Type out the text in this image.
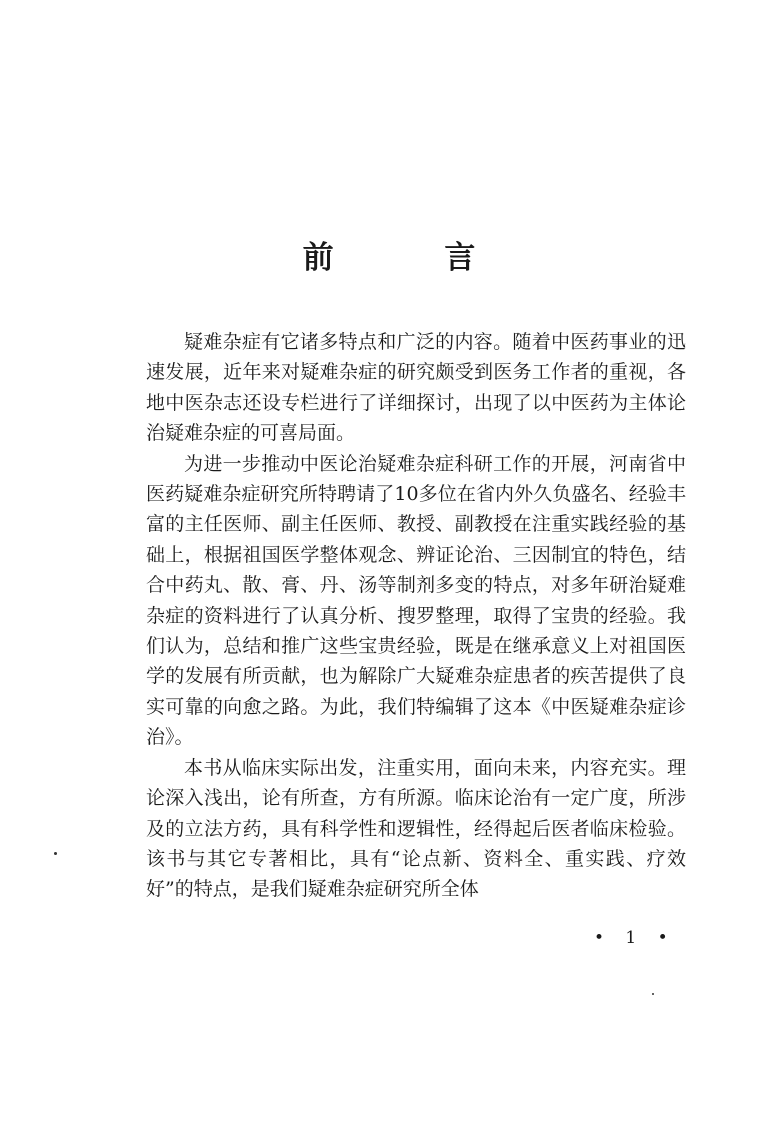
前 言

疑难杂症有它诸多特点和广泛的内容。随着中医药事业的迅速发展，近年来对疑难杂症的研究颇受到医务工作者的重视，各地中医杂志还设专栏进行了详细探讨，出现了以中医药为主体论治疑难杂症的可喜局面。

为进一步推动中医论治疑难杂症科研工作的开展，河南省中医药疑难杂症研究所特聘请了10多位在省内外久负盛名、经验丰富的主任医师、副主任医师、教授、副教授在注重实践经验的基础上，根据祖国医学整体观念、辨证论治、三因制宜的特色，结合中药丸、散、膏、丹、汤等制剂多变的特点，对多年研治疑难杂症的资料进行了认真分析、搜罗整理，取得了宝贵的经验。我们认为，总结和推广这些宝贵经验，既是在继承意义上对祖国医学的发展有所贡献，也为解除广大疑难杂症患者的疾苦提供了良实可靠的向愈之路。为此，我们特编辑了这本《中医疑难杂症诊治》。

本书从临床实际出发，注重实用，面向未来，内容充实。理论深入浅出，论有所查，方有所源。临床论治有一定广度，所涉及的立法方药，具有科学性和逻辑性，经得起后医者临床检验。该书与其它专著相比，具有“论点新、资料全、重实践、疗效好”的特点，是我们疑难杂症研究所全体

• 1 •
